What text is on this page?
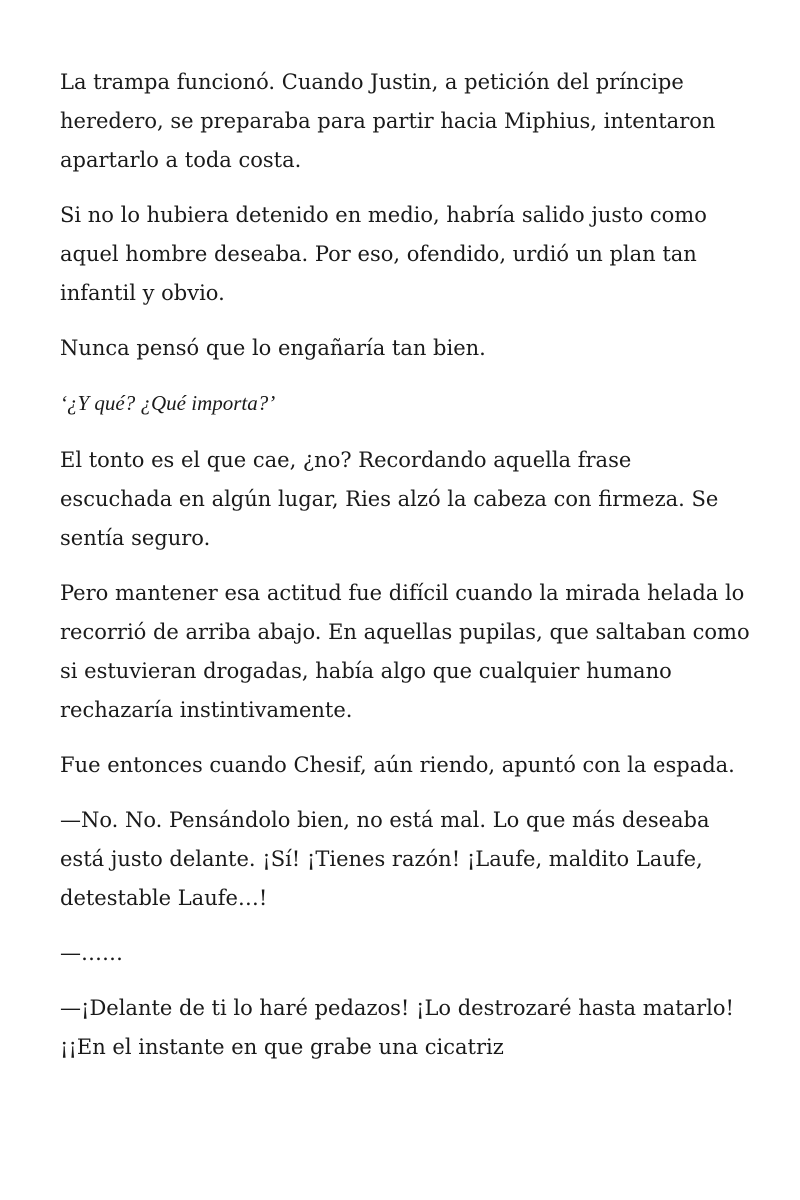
La trampa funcionó. Cuando Justin, a petición del príncipe heredero, se preparaba para partir hacia Miphius, intentaron apartarlo a toda costa.

Si no lo hubiera detenido en medio, habría salido justo como aquel hombre deseaba. Por eso, ofendido, urdió un plan tan infantil y obvio.

Nunca pensó que lo engañaría tan bien.

‘¿Y qué? ¿Qué importa?’

El tonto es el que cae, ¿no? Recordando aquella frase escuchada en algún lugar, Ries alzó la cabeza con firmeza. Se sentía seguro.

Pero mantener esa actitud fue difícil cuando la mirada helada lo recorrió de arriba abajo. En aquellas pupilas, que saltaban como si estuvieran drogadas, había algo que cualquier humano rechazaría instintivamente.

Fue entonces cuando Chesif, aún riendo, apuntó con la espada.

—No. No. Pensándolo bien, no está mal. Lo que más deseaba está justo delante. ¡Sí! ¡Tienes razón! ¡Laufe, maldito Laufe, detestable Laufe…!

—……

—¡Delante de ti lo haré pedazos! ¡Lo destrozaré hasta matarlo! ¡¡En el instante en que grabe una cicatriz
